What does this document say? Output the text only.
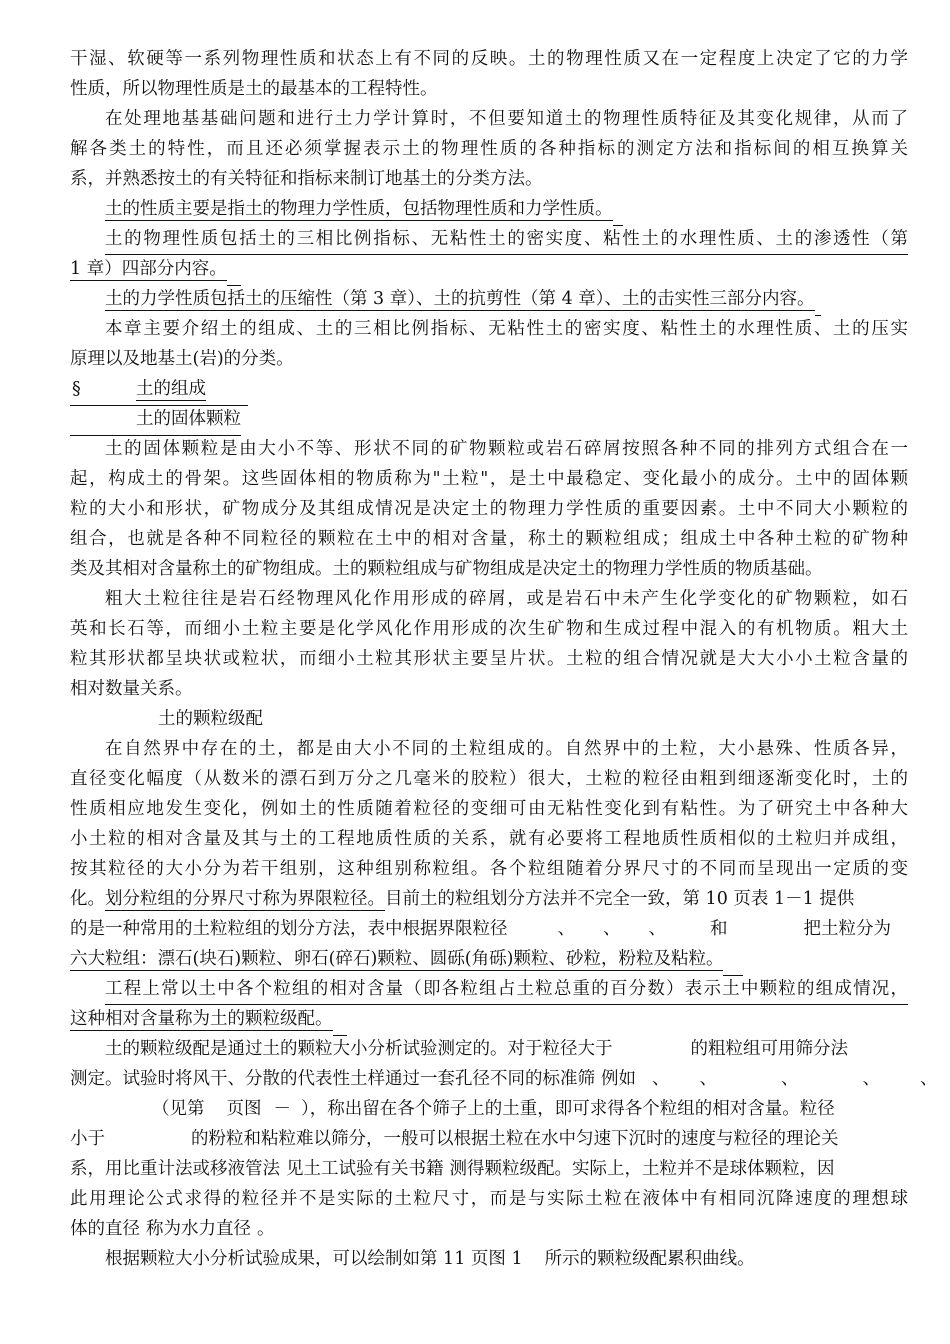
干湿、软硬等一系列物理性质和状态上有不同的反映。土的物理性质又在一定程度上决定了它的力学
性质，所以物理性质是土的最基本的工程特性。
在处理地基基础问题和进行土力学计算时，不但要知道土的物理性质特征及其变化规律，从而了
解各类土的特性，而且还必须掌握表示土的物理性质的各种指标的测定方法和指标间的相互换算关
系，并熟悉按土的有关特征和指标来制订地基土的分类方法。
土的性质主要是指土的物理力学性质，包括物理性质和力学性质。
土的物理性质包括土的三相比例指标、无粘性土的密实度、粘性土的水理性质、土的渗透性（第
1 章）四部分内容。
土的力学性质包括土的压缩性（第 3 章）、土的抗剪性（第 4 章）、土的击实性三部分内容。
本章主要介绍土的组成、土的三相比例指标、无粘性土的密实度、粘性土的水理性质、土的压实
原理以及地基土(岩)的分类。
§	土的组成
土的固体颗粒
土的固体颗粒是由大小不等、形状不同的矿物颗粒或岩石碎屑按照各种不同的排列方式组合在一
起，构成土的骨架。这些固体相的物质称为"土粒"，是土中最稳定、变化最小的成分。土中的固体颗
粒的大小和形状，矿物成分及其组成情况是决定土的物理力学性质的重要因素。土中不同大小颗粒的
组合，也就是各种不同粒径的颗粒在土中的相对含量，称土的颗粒组成；组成土中各种土粒的矿物种
类及其相对含量称土的矿物组成。土的颗粒组成与矿物组成是决定土的物理力学性质的物质基础。
粗大土粒往往是岩石经物理风化作用形成的碎屑，或是岩石中未产生化学变化的矿物颗粒，如石
英和长石等，而细小土粒主要是化学风化作用形成的次生矿物和生成过程中混入的有机物质。粗大土
粒其形状都呈块状或粒状，而细小土粒其形状主要呈片状。土粒的组合情况就是大大小小土粒含量的
相对数量关系。
土的颗粒级配
在自然界中存在的土，都是由大小不同的土粒组成的。自然界中的土粒，大小悬殊、性质各异，
直径变化幅度（从数米的漂石到万分之几毫米的胶粒）很大，土粒的粒径由粗到细逐渐变化时，土的
性质相应地发生变化，例如土的性质随着粒径的变细可由无粘性变化到有粘性。为了研究土中各种大
小土粒的相对含量及其与土的工程地质性质的关系，就有必要将工程地质性质相似的土粒归并成组，
按其粒径的大小分为若干组别，这种组别称粒组。各个粒组随着分界尺寸的不同而呈现出一定质的变
化。划分粒组的分界尺寸称为界限粒径。目前土的粒组划分方法并不完全一致，第 10 页表 1－1 提供
的是一种常用的土粒粒组的划分方法，表中根据界限粒径	、 、 、	和	把土粒分为
六大粒组：漂石(块石)颗粒、卵石(碎石)颗粒、圆砾(角砾)颗粒、砂粒，粉粒及粘粒。
工程上常以土中各个粒组的相对含量（即各粒组占土粒总重的百分数）表示土中颗粒的组成情况，
这种相对含量称为土的颗粒级配。
土的颗粒级配是通过土的颗粒大小分析试验测定的。对于粒径大于	的粗粒组可用筛分法
测定。试验时将风干、分散的代表性土样通过一套孔径不同的标准筛 例如 、 、	、	、 、
（见第 页图 － ），称出留在各个筛子上的土重，即可求得各个粒组的相对含量。粒径
小于	的粉粒和粘粒难以筛分，一般可以根据土粒在水中匀速下沉时的速度与粒径的理论关
系，用比重计法或移液管法 见土工试验有关书籍 测得颗粒级配。实际上，土粒并不是球体颗粒，因
此用理论公式求得的粒径并不是实际的土粒尺寸，而是与实际土粒在液体中有相同沉降速度的理想球
体的直径 称为水力直径 。
根据颗粒大小分析试验成果，可以绘制如第 11 页图 1 所示的颗粒级配累积曲线。
